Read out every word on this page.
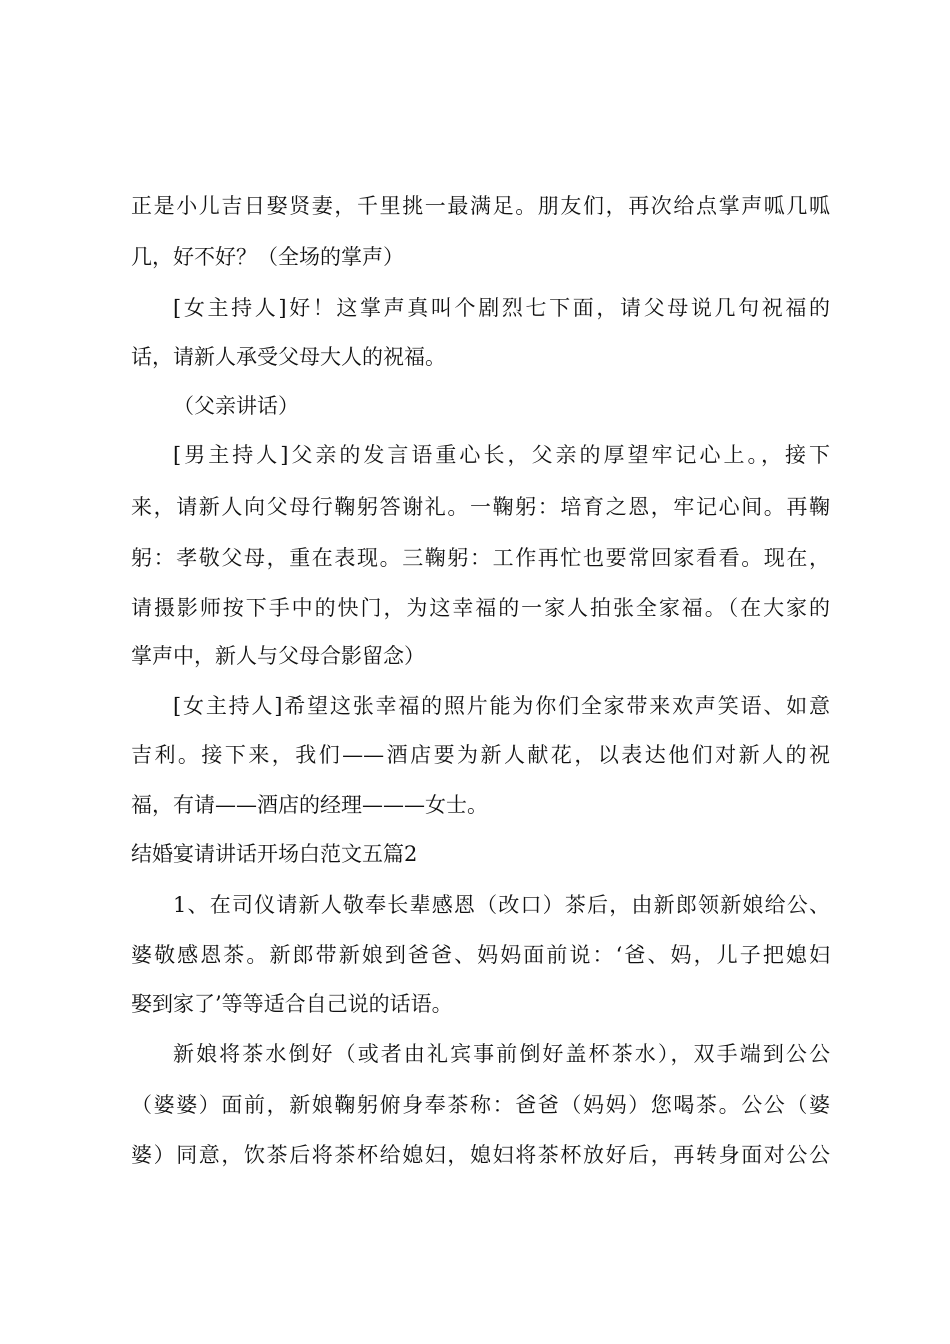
正是小儿吉日娶贤妻，千里挑一最满足。朋友们，再次给点掌声呱几呱
几，好不好？（全场的掌声）
[女主持人]好！这掌声真叫个剧烈七下面，请父母说几句祝福的
话，请新人承受父母大人的祝福。
（父亲讲话）
[男主持人]父亲的发言语重心长，父亲的厚望牢记心上。，接下
来，请新人向父母行鞠躬答谢礼。一鞠躬：培育之恩，牢记心间。再鞠
躬：孝敬父母，重在表现。三鞠躬：工作再忙也要常回家看看。现在，
请摄影师按下手中的快门，为这幸福的一家人拍张全家福。（在大家的
掌声中，新人与父母合影留念）
[女主持人]希望这张幸福的照片能为你们全家带来欢声笑语、如意
吉利。接下来，我们——酒店要为新人献花，以表达他们对新人的祝
福，有请——酒店的经理———女士。
结婚宴请讲话开场白范文五篇2
1、在司仪请新人敬奉长辈感恩（改口）茶后，由新郎领新娘给公、
婆敬感恩茶。新郎带新娘到爸爸、妈妈面前说：‘爸、妈，儿子把媳妇
娶到家了’等等适合自己说的话语。
新娘将茶水倒好（或者由礼宾事前倒好盖杯茶水），双手端到公公
（婆婆）面前，新娘鞠躬俯身奉茶称：爸爸（妈妈）您喝茶。公公（婆
婆）同意，饮茶后将茶杯给媳妇，媳妇将茶杯放好后，再转身面对公公
